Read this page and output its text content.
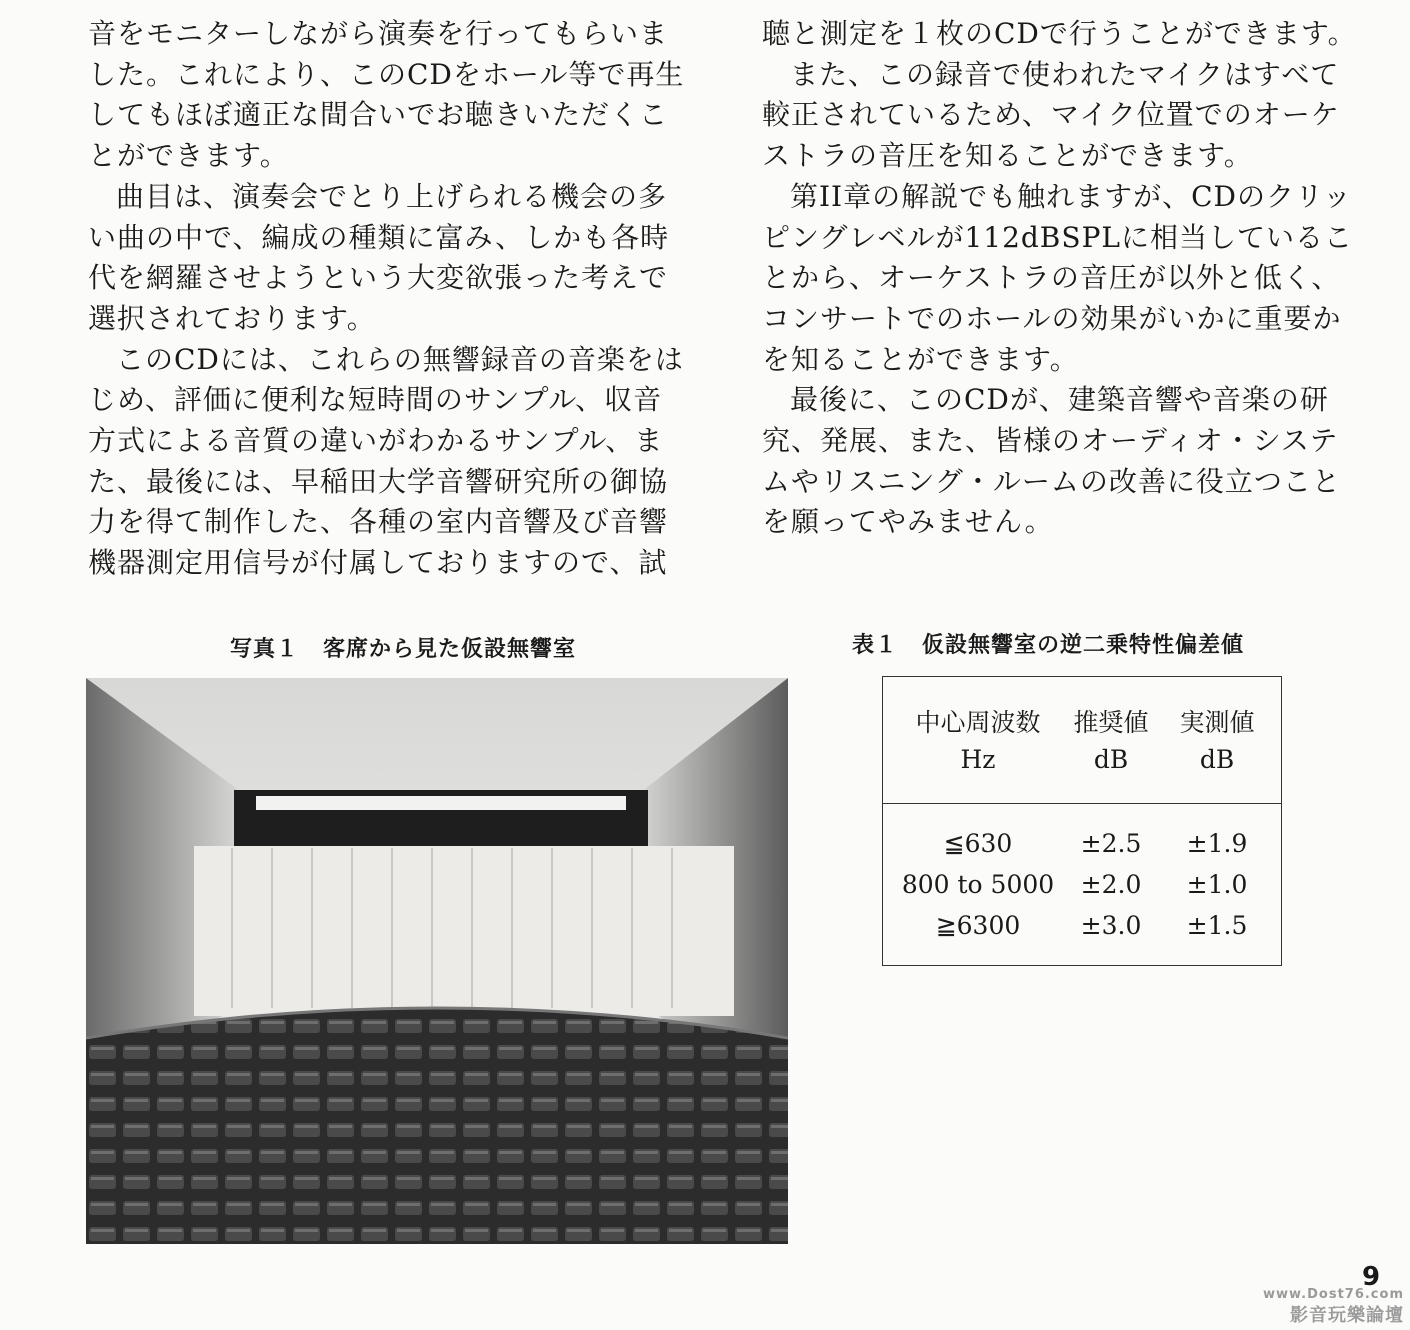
音をモニターしながら演奏を行ってもらいました。これにより、このCDをホール等で再生してもほぼ適正な間合いでお聴きいただくことができます。

曲目は、演奏会でとり上げられる機会の多い曲の中で、編成の種類に富み、しかも各時代を網羅させようという大変欲張った考えで選択されております。

このCDには、これらの無響録音の音楽をはじめ、評価に便利な短時間のサンプル、収音方式による音質の違いがわかるサンプル、また、最後には、早稲田大学音響研究所の御協力を得て制作した、各種の室内音響及び音響機器測定用信号が付属しておりますので、試

聴と測定を１枚のCDで行うことができます。

また、この録音で使われたマイクはすべて較正されているため、マイク位置でのオーケストラの音圧を知ることができます。

第II章の解説でも触れますが、CDのクリッピングレベルが112dBSPLに相当していることから、オーケストラの音圧が以外と低く、コンサートでのホールの効果がいかに重要かを知ることができます。

最後に、このCDが、建築音響や音楽の研究、発展、また、皆様のオーディオ・システムやリスニング・ルームの改善に役立つことを願ってやみません。

写真１ 客席から見た仮設無響室	表１ 仮設無響室の逆二乗特性偏差値
中心周波数	推奨値	実測値
Hz	dB	dB
≦630	±2.5	±1.9
800 to 5000	±2.0	±1.0
≧6300	±3.0	±1.5
9
www.Dost76.com
影音玩樂論壇
